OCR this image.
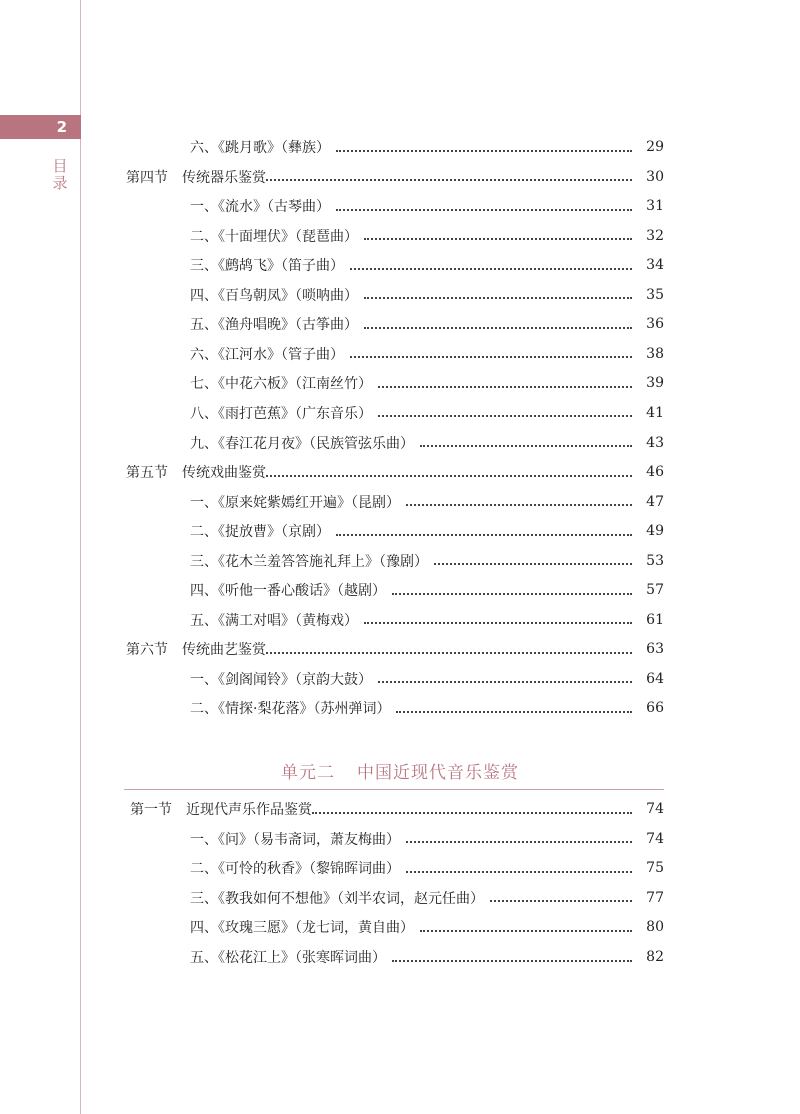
2
目
录
六、《跳月歌》（彝族）	29
第四节 传统器乐鉴赏	30
一、《流水》（古琴曲）	31
二、《十面埋伏》（琵琶曲）	32
三、《鹧鸪飞》（笛子曲）	34
四、《百鸟朝凤》（唢呐曲）	35
五、《渔舟唱晚》（古筝曲）	36
六、《江河水》（管子曲）	38
七、《中花六板》（江南丝竹）	39
八、《雨打芭蕉》（广东音乐）	41
九、《春江花月夜》（民族管弦乐曲）	43
第五节 传统戏曲鉴赏	46
一、《原来姹紫嫣红开遍》（昆剧）	47
二、《捉放曹》（京剧）	49
三、《花木兰羞答答施礼拜上》（豫剧）	53
四、《听他一番心酸话》（越剧）	57
五、《满工对唱》（黄梅戏）	61
第六节 传统曲艺鉴赏	63
一、《剑阁闻铃》（京韵大鼓）	64
二、《情探·梨花落》（苏州弹词）	66
第一节 近现代声乐作品鉴赏	74
一、《问》（易韦斋词，萧友梅曲）	74
二、《可怜的秋香》（黎锦晖词曲）	75
三、《教我如何不想他》（刘半农词，赵元任曲）	77
四、《玫瑰三愿》（龙七词，黄自曲）	80
五、《松花江上》（张寒晖词曲）	82
单元二 中国近现代音乐鉴赏
